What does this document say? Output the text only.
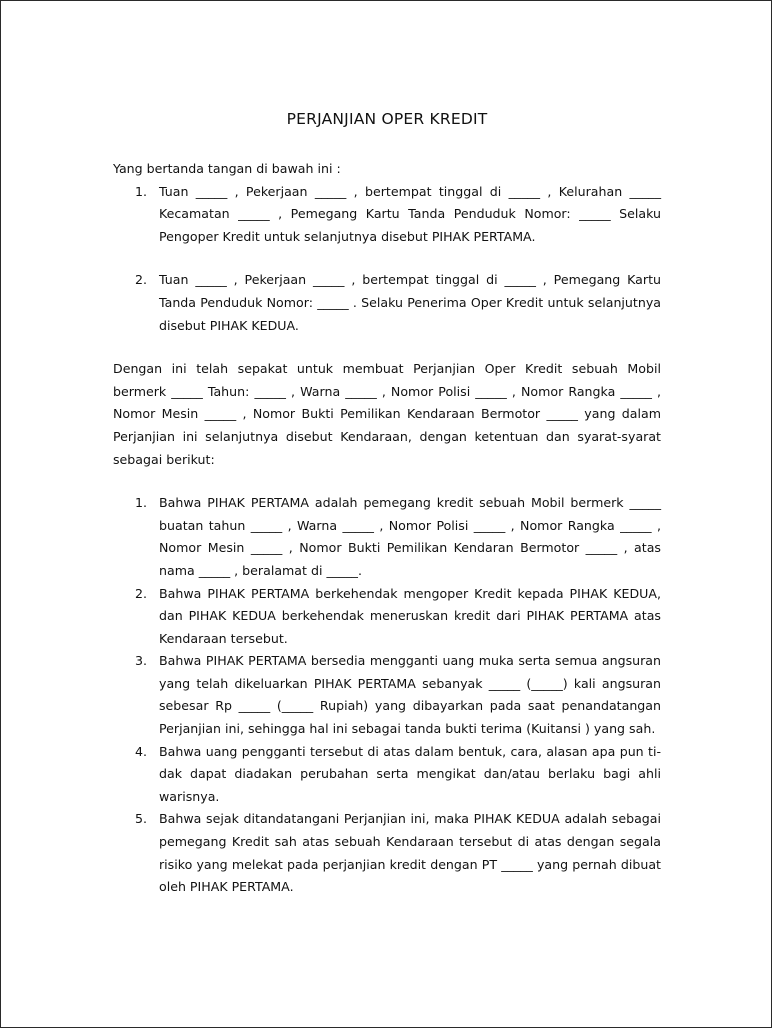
PERJANJIAN OPER KREDIT

Yang bertanda tangan di bawah ini :

1. Tuan _____ , Pekerjaan _____ , bertempat tinggal di _____ , Kelurahan _____ Kecamatan _____ , Pemegang Kartu Tanda Penduduk Nomor: _____ Selaku Pengoper Kredit untuk selanjutnya disebut PIHAK PERTAMA.
2. Tuan _____ , Pekerjaan _____ , bertempat tinggal di _____ , Pemegang Kartu Tanda Penduduk Nomor: _____ . Selaku Penerima Oper Kredit untuk selanjutnya disebut PIHAK KEDUA.

Dengan ini telah sepakat untuk membuat Perjanjian Oper Kredit sebuah Mobil bermerk _____ Tahun: _____ , Warna _____ , Nomor Polisi _____ , Nomor Rangka _____ , Nomor Mesin _____ , Nomor Bukti Pemilikan Kendaraan Bermotor _____ yang dalam Perjanjian ini selanjutnya disebut Kendaraan, dengan ketentuan dan syarat-syarat sebagai berikut:

1. Bahwa PIHAK PERTAMA adalah pemegang kredit sebuah Mobil bermerk _____ buatan tahun _____ , Warna _____ , Nomor Polisi _____ , Nomor Rangka _____ , Nomor Mesin _____ , Nomor Bukti Pemilikan Kendaran Bermotor _____ , atas nama _____ , beralamat di _____.
2. Bahwa PIHAK PERTAMA berkehendak mengoper Kredit kepada PIHAK KEDUA, dan PIHAK KEDUA berkehendak meneruskan kredit dari PIHAK PERTAMA atas Kendaraan tersebut.
3. Bahwa PIHAK PERTAMA bersedia mengganti uang muka serta semua angsuran yang telah dikeluarkan PIHAK PERTAMA sebanyak _____ (_____) kali angsuran sebesar Rp _____ (_____ Rupiah) yang dibayarkan pada saat penandatangan Perjanjian ini, sehingga hal ini sebagai tanda bukti terima (Kuitansi ) yang sah.
4. Bahwa uang pengganti tersebut di atas dalam bentuk, cara, alasan apa pun ti-dak dapat diadakan perubahan serta mengikat dan/atau berlaku bagi ahli warisnya.
5. Bahwa sejak ditandatangani Perjanjian ini, maka PIHAK KEDUA adalah sebagai pemegang Kredit sah atas sebuah Kendaraan tersebut di atas dengan segala risiko yang melekat pada perjanjian kredit dengan PT _____ yang pernah dibuat oleh PIHAK PERTAMA.
